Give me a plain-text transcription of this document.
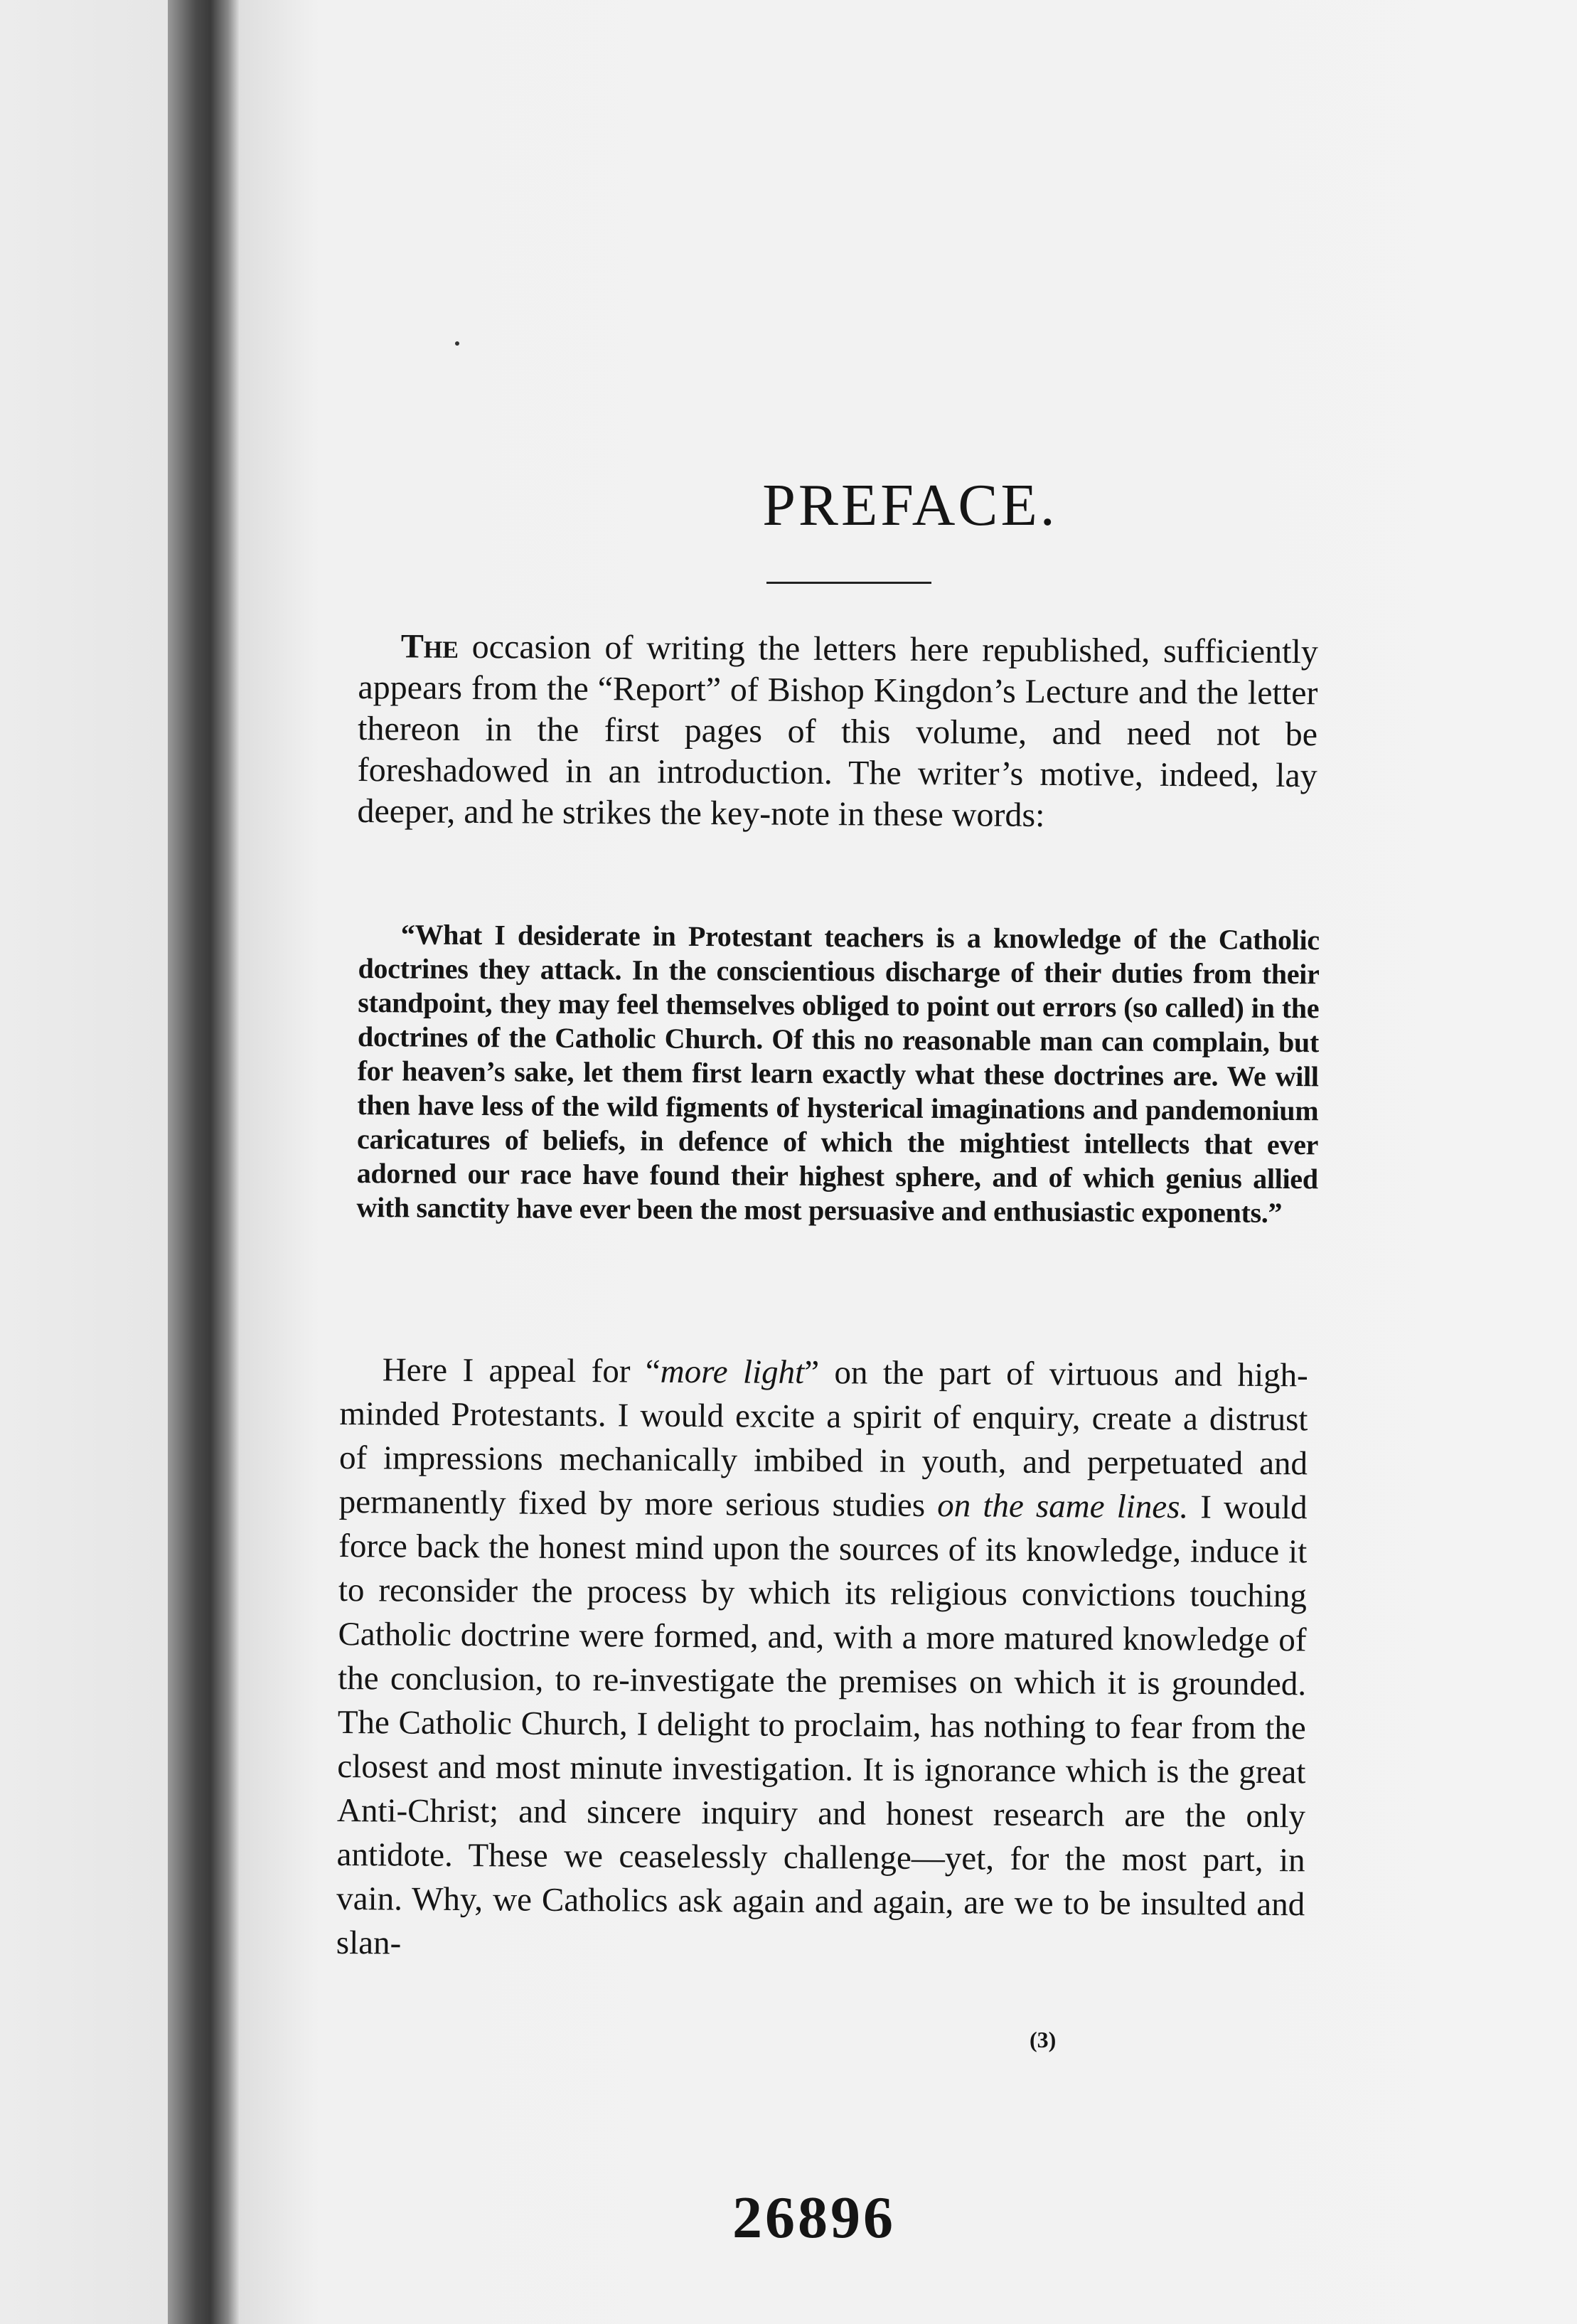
PREFACE.

The occasion of writing the letters here republished, sufficiently appears from the “Report” of Bishop Kingdon’s Lecture and the letter thereon in the first pages of this volume, and need not be foreshadowed in an introduction. The writer’s motive, indeed, lay deeper, and he strikes the key-note in these words:

“What I desiderate in Protestant teachers is a knowledge of the Catholic doctrines they attack. In the conscientious discharge of their duties from their standpoint, they may feel themselves obliged to point out errors (so called) in the doctrines of the Catholic Church. Of this no reasonable man can complain, but for heaven’s sake, let them first learn exactly what these doctrines are. We will then have less of the wild figments of hysterical imaginations and pandemonium caricatures of beliefs, in defence of which the mightiest intellects that ever adorned our race have found their highest sphere, and of which genius allied with sanctity have ever been the most persuasive and enthusiastic exponents.”

Here I appeal for “more light” on the part of virtuous and high-minded Protestants. I would excite a spirit of enquiry, create a distrust of impressions mechanically imbibed in youth, and perpetuated and permanently fixed by more serious studies on the same lines. I would force back the honest mind upon the sources of its knowledge, induce it to reconsider the process by which its religious convictions touching Catholic doctrine were formed, and, with a more matured knowledge of the conclusion, to re-investigate the premises on which it is grounded. The Catholic Church, I delight to proclaim, has nothing to fear from the closest and most minute investigation. It is ignorance which is the great Anti-Christ; and sincere inquiry and honest research are the only antidote. These we ceaselessly challenge—yet, for the most part, in vain. Why, we Catholics ask again and again, are we to be insulted and slan-

(3)
26896
